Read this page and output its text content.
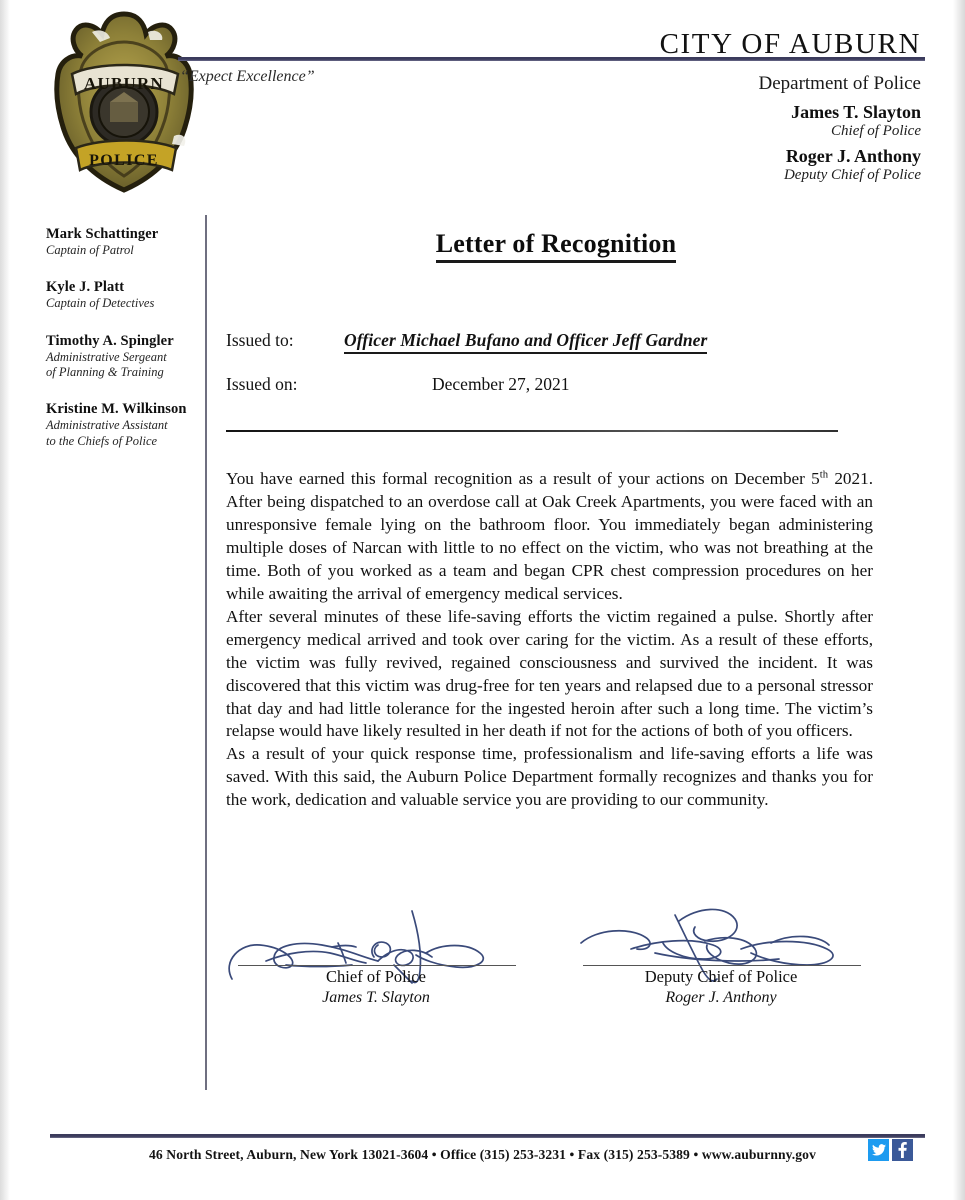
AUBURN
POLICE
“Expect Excellence”
CITY OF AUBURN
Department of Police
James T. Slayton
Chief of Police
Roger J. Anthony
Deputy Chief of Police
Mark Schattinger
Captain of Patrol
Kyle J. Platt
Captain of Detectives
Timothy A. Spingler
Administrative Sergeant
of Planning & Training
Kristine M. Wilkinson
Administrative Assistant
to the Chiefs of Police
Letter of Recognition
Issued to:	Officer Michael Bufano and Officer Jeff Gardner
Issued on:	December 27, 2021

You have earned this formal recognition as a result of your actions on December 5th 2021. After being dispatched to an overdose call at Oak Creek Apartments, you were faced with an unresponsive female lying on the bathroom floor. You immediately began administering multiple doses of Narcan with little to no effect on the victim, who was not breathing at the time. Both of you worked as a team and began CPR chest compression procedures on her while awaiting the arrival of emergency medical services.

After several minutes of these life-saving efforts the victim regained a pulse. Shortly after emergency medical arrived and took over caring for the victim. As a result of these efforts, the victim was fully revived, regained consciousness and survived the incident. It was discovered that this victim was drug-free for ten years and relapsed due to a personal stressor that day and had little tolerance for the ingested heroin after such a long time. The victim’s relapse would have likely resulted in her death if not for the actions of both of you officers.

As a result of your quick response time, professionalism and life-saving efforts a life was saved. With this said, the Auburn Police Department formally recognizes and thanks you for the work, dedication and valuable service you are providing to our community.

Chief of Police
James T. Slayton
Deputy Chief of Police
Roger J. Anthony
46 North Street, Auburn, New York 13021-3604 • Office (315) 253-3231 • Fax (315) 253-5389 • www.auburnny.gov
